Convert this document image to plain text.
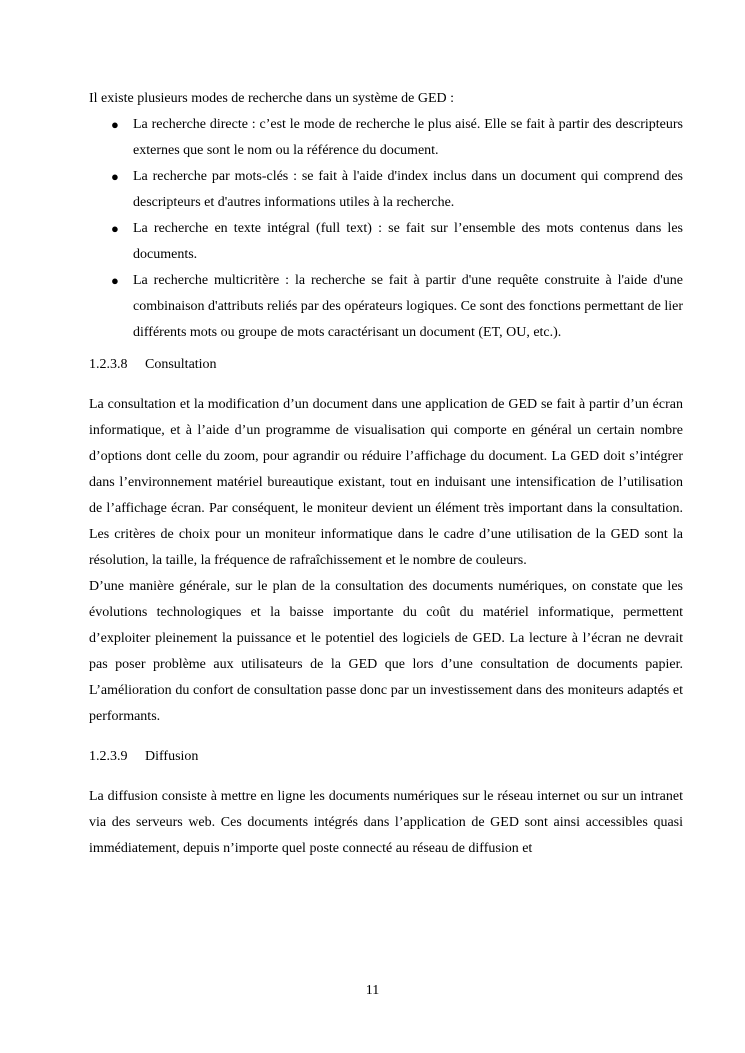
Il existe plusieurs modes de recherche dans un système de GED :

● La recherche directe : c’est le mode de recherche le plus aisé. Elle se fait à partir des descripteurs externes que sont le nom ou la référence du document.
● La recherche par mots-clés : se fait à l'aide d'index inclus dans un document qui comprend des descripteurs et d'autres informations utiles à la recherche.
● La recherche en texte intégral (full text) : se fait sur l’ensemble des mots contenus dans les documents.
● La recherche multicritère : la recherche se fait à partir d'une requête construite à l'aide d'une combinaison d'attributs reliés par des opérateurs logiques. Ce sont des fonctions permettant de lier différents mots ou groupe de mots caractérisant un document (ET, OU, etc.).

1.2.3.8 Consultation

La consultation et la modification d’un document dans une application de GED se fait à partir d’un écran informatique, et à l’aide d’un programme de visualisation qui comporte en général un certain nombre d’options dont celle du zoom, pour agrandir ou réduire l’affichage du document. La GED doit s’intégrer dans l’environnement matériel bureautique existant, tout en induisant une intensification de l’utilisation de l’affichage écran. Par conséquent, le moniteur devient un élément très important dans la consultation. Les critères de choix pour un moniteur informatique dans le cadre d’une utilisation de la GED sont la résolution, la taille, la fréquence de rafraîchissement et le nombre de couleurs.

D’une manière générale, sur le plan de la consultation des documents numériques, on constate que les évolutions technologiques et la baisse importante du coût du matériel informatique, permettent d’exploiter pleinement la puissance et le potentiel des logiciels de GED. La lecture à l’écran ne devrait pas poser problème aux utilisateurs de la GED que lors d’une consultation de documents papier. L’amélioration du confort de consultation passe donc par un investissement dans des moniteurs adaptés et performants.

1.2.3.9 Diffusion

La diffusion consiste à mettre en ligne les documents numériques sur le réseau internet ou sur un intranet via des serveurs web. Ces documents intégrés dans l’application de GED sont ainsi accessibles quasi immédiatement, depuis n’importe quel poste connecté au réseau de diffusion et

11
